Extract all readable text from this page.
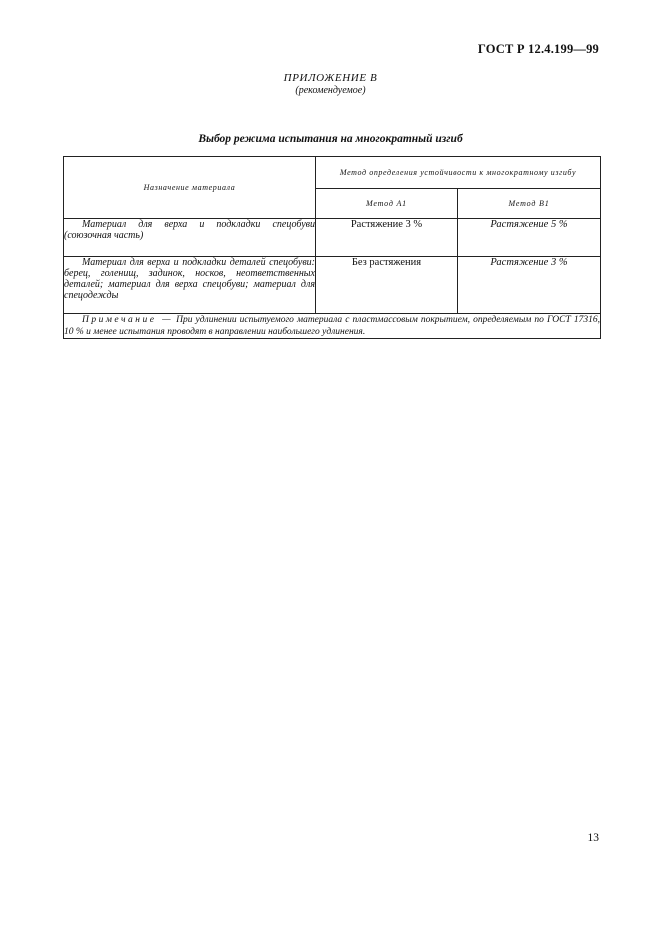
ГОСТ Р 12.4.199—99
ПРИЛОЖЕНИЕ В
(рекомендуемое)
Выбор режима испытания на многократный изгиб
Назначение материала	Метод определения устойчивости к многократному изгибу	
	Метод А1	Метод В1
Материал для верха и подкладки спецобуви (союзочная часть)	Растяжение 3 %	Растяжение 5 %
Материал для верха и подкладки деталей спецобуви: берец, голенищ, задинок, носков, неответственных деталей; материал для верха спецобуви; материал для спецодежды	Без растяжения	Растяжение 3 %
Примечание — При удлинении испытуемого материала с пластмассовым покрытием, определяемым по ГОСТ 17316, 10 % и менее испытания проводят в направлении наибольшего удлинения.		
13
